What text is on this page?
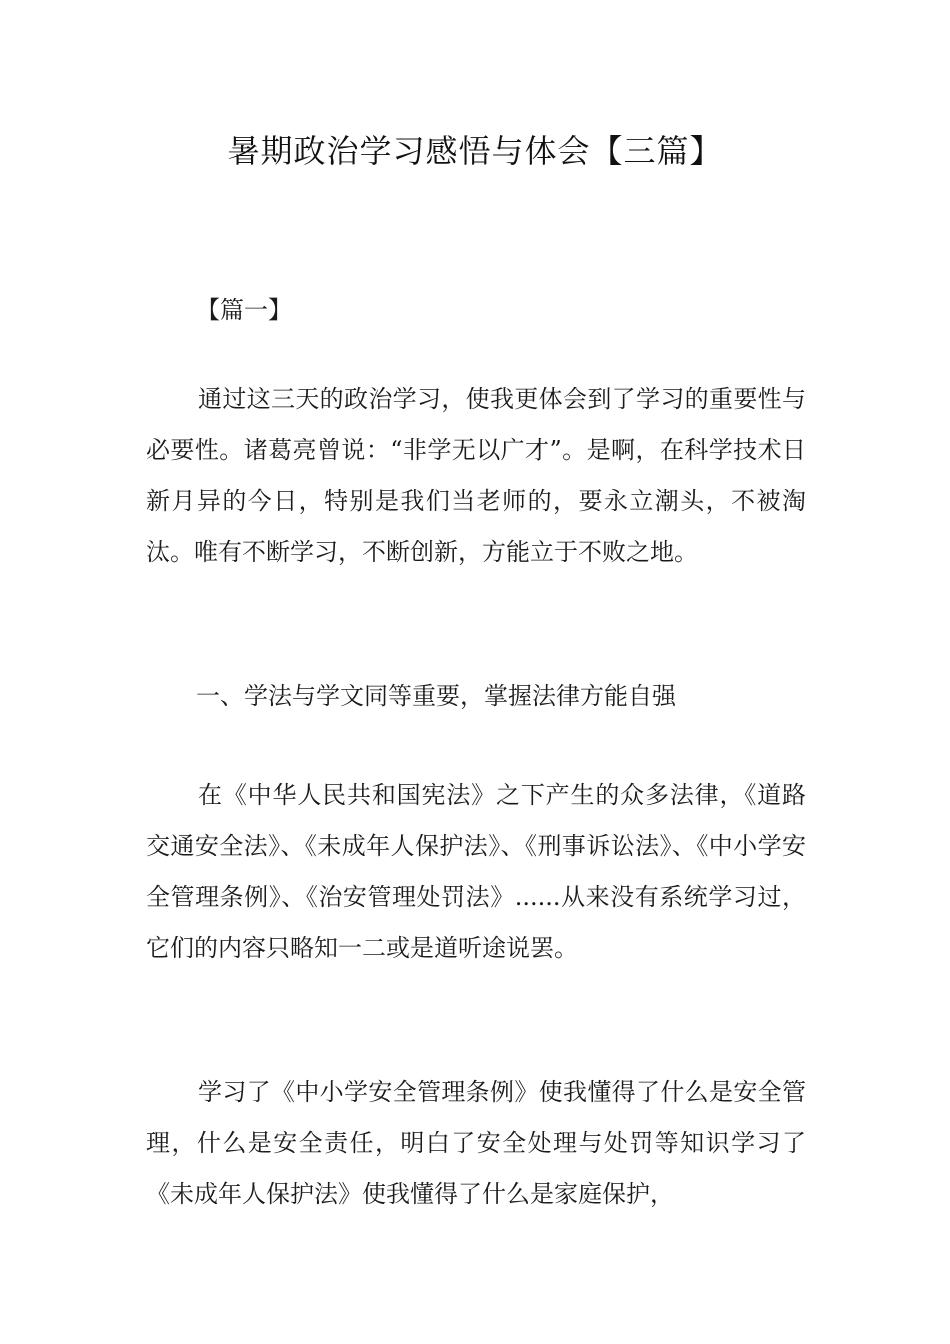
暑期政治学习感悟与体会【三篇】

【篇一】

通过这三天的政治学习，使我更体会到了学习的重要性与必要性。诸葛亮曾说：“非学无以广才”。是啊，在科学技术日新月异的今日，特别是我们当老师的，要永立潮头，不被淘汰。唯有不断学习，不断创新，方能立于不败之地。

一、学法与学文同等重要，掌握法律方能自强

在《中华人民共和国宪法》之下产生的众多法律，《道路交通安全法》、《未成年人保护法》、《刑事诉讼法》、《中小学安全管理条例》、《治安管理处罚法》......从来没有系统学习过，它们的内容只略知一二或是道听途说罢。

学习了《中小学安全管理条例》使我懂得了什么是安全管理，什么是安全责任，明白了安全处理与处罚等知识学习了《未成年人保护法》使我懂得了什么是家庭保护，
